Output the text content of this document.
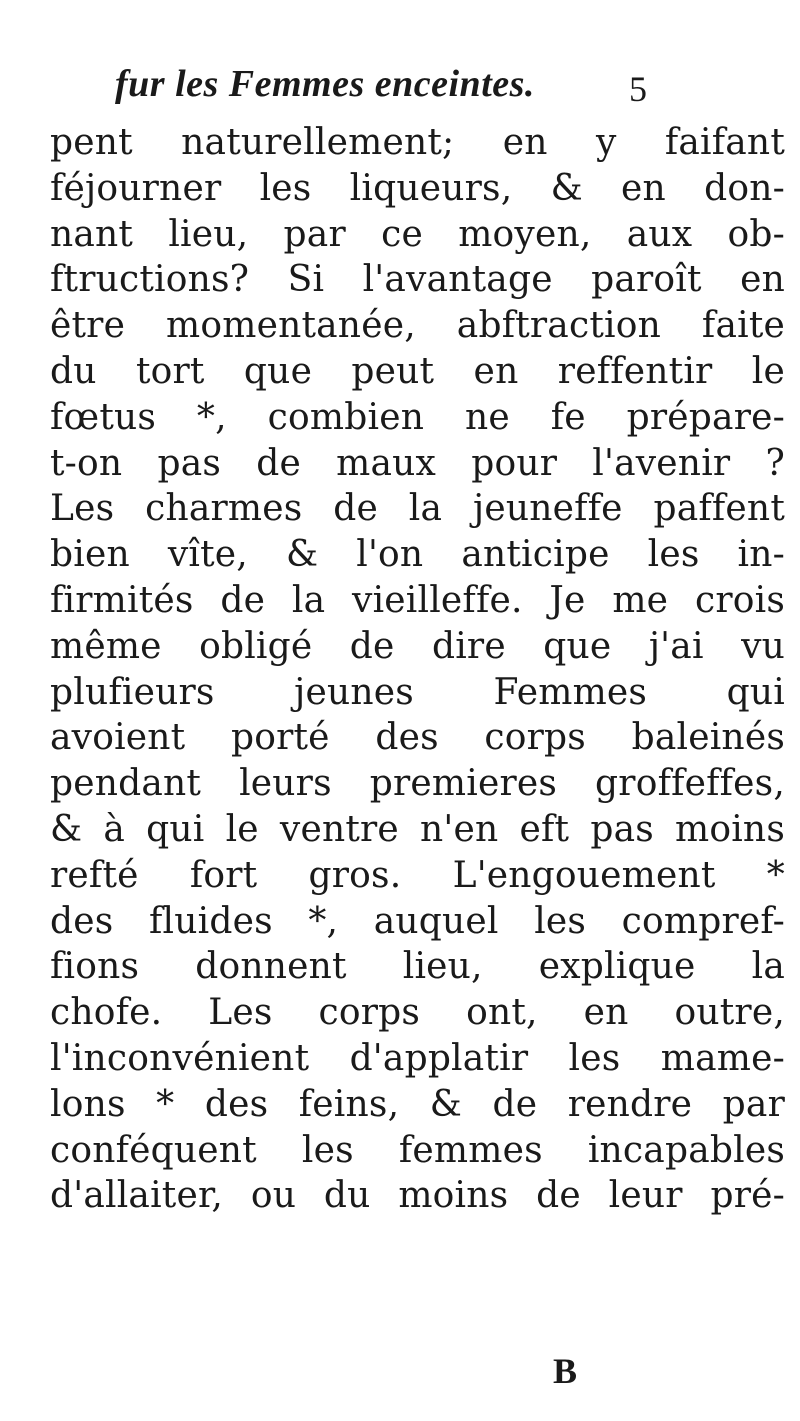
fur les Femmes enceintes.	5
pent naturellement; en y faifant
féjourner les liqueurs, & en don-
nant lieu, par ce moyen, aux ob-
ftructions? Si l'avantage paroît en
être momentanée, abftraction faite
du tort que peut en reffentir le
fœtus *, combien ne fe prépare-
t-on pas de maux pour l'avenir ?
Les charmes de la jeuneffe paffent
bien vîte, & l'on anticipe les in-
firmités de la vieilleffe. Je me crois
même obligé de dire que j'ai vu
plufieurs jeunes Femmes qui
avoient porté des corps baleinés
pendant leurs premieres groffeffes,
& à qui le ventre n'en eft pas moins
refté fort gros. L'engouement *
des fluides *, auquel les compref-
fions donnent lieu, explique la
chofe. Les corps ont, en outre,
l'inconvénient d'applatir les mame-
lons * des feins, & de rendre par
conféquent les femmes incapables
d'allaiter, ou du moins de leur pré-
B
